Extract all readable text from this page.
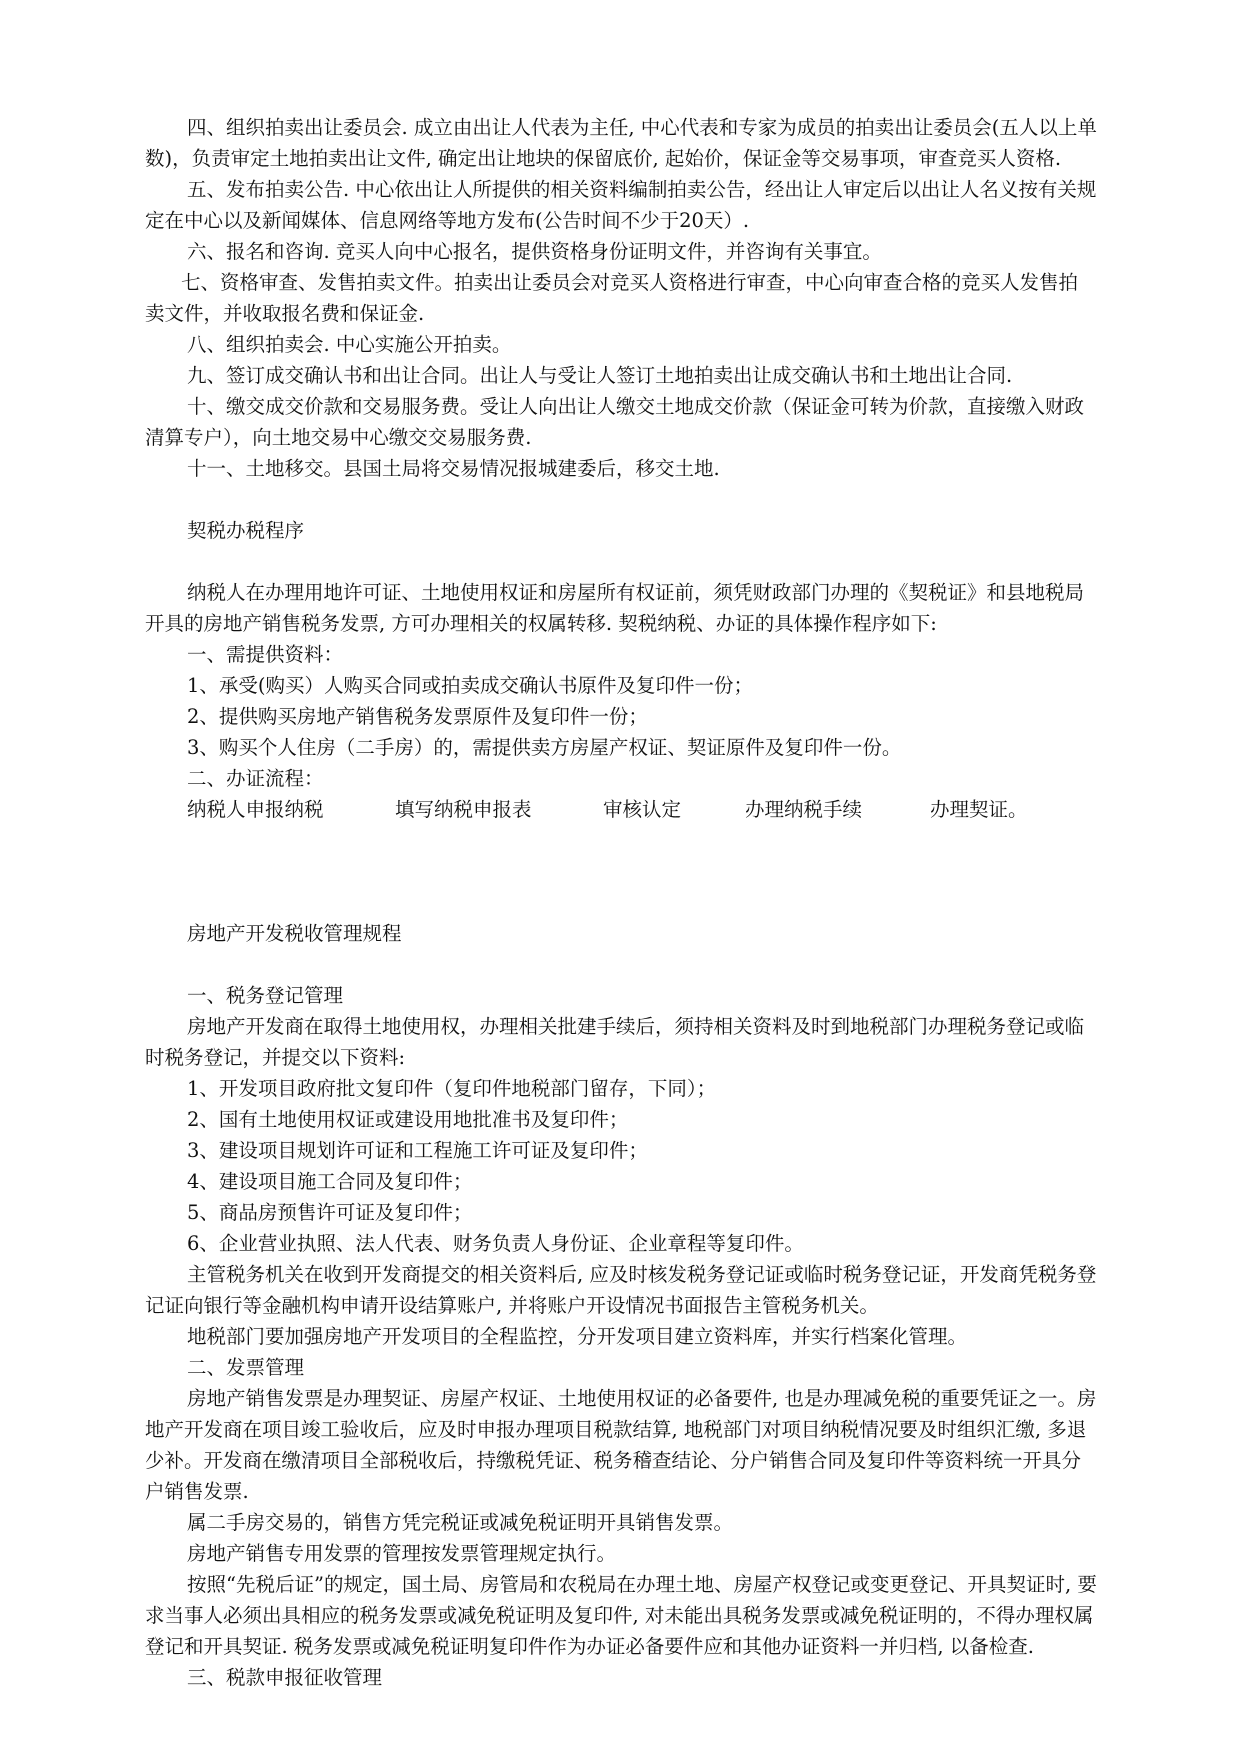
四、组织拍卖出让委员会. 成立由出让人代表为主任, 中心代表和专家为成员的拍卖出让委员会(五人以上单数)，负责审定土地拍卖出让文件, 确定出让地块的保留底价, 起始价，保证金等交易事项，审查竞买人资格.

五、发布拍卖公告. 中心依出让人所提供的相关资料编制拍卖公告，经出让人审定后以出让人名义按有关规定在中心以及新闻媒体、信息网络等地方发布(公告时间不少于20天）.

六、报名和咨询. 竞买人向中心报名，提供资格身份证明文件，并咨询有关事宜。

七、资格审查、发售拍卖文件。拍卖出让委员会对竞买人资格进行审查，中心向审查合格的竞买人发售拍卖文件，并收取报名费和保证金.

八、组织拍卖会. 中心实施公开拍卖。

九、签订成交确认书和出让合同。出让人与受让人签订土地拍卖出让成交确认书和土地出让合同.

十、缴交成交价款和交易服务费。受让人向出让人缴交土地成交价款（保证金可转为价款，直接缴入财政清算专户），向土地交易中心缴交交易服务费.

十一、土地移交。县国土局将交易情况报城建委后，移交土地.

契税办税程序

纳税人在办理用地许可证、土地使用权证和房屋所有权证前，须凭财政部门办理的《契税证》和县地税局开具的房地产销售税务发票, 方可办理相关的权属转移. 契税纳税、办证的具体操作程序如下:

一、需提供资料：

1、承受(购买）人购买合同或拍卖成交确认书原件及复印件一份；

2、提供购买房地产销售税务发票原件及复印件一份；

3、购买个人住房（二手房）的，需提供卖方房屋产权证、契证原件及复印件一份。

二、办证流程：

纳税人申报纳税	填写纳税申报表	审核认定	办理纳税手续	办理契证。

房地产开发税收管理规程

一、税务登记管理

房地产开发商在取得土地使用权，办理相关批建手续后，须持相关资料及时到地税部门办理税务登记或临时税务登记，并提交以下资料:

1、开发项目政府批文复印件（复印件地税部门留存，下同）；

2、国有土地使用权证或建设用地批准书及复印件；

3、建设项目规划许可证和工程施工许可证及复印件；

4、建设项目施工合同及复印件；

5、商品房预售许可证及复印件；

6、企业营业执照、法人代表、财务负责人身份证、企业章程等复印件。

主管税务机关在收到开发商提交的相关资料后, 应及时核发税务登记证或临时税务登记证，开发商凭税务登记证向银行等金融机构申请开设结算账户, 并将账户开设情况书面报告主管税务机关。

地税部门要加强房地产开发项目的全程监控，分开发项目建立资料库，并实行档案化管理。

二、发票管理

房地产销售发票是办理契证、房屋产权证、土地使用权证的必备要件, 也是办理减免税的重要凭证之一。房地产开发商在项目竣工验收后，应及时申报办理项目税款结算, 地税部门对项目纳税情况要及时组织汇缴, 多退少补。开发商在缴清项目全部税收后，持缴税凭证、税务稽查结论、分户销售合同及复印件等资料统一开具分户销售发票.

属二手房交易的，销售方凭完税证或减免税证明开具销售发票。

房地产销售专用发票的管理按发票管理规定执行。

按照“先税后证”的规定，国土局、房管局和农税局在办理土地、房屋产权登记或变更登记、开具契证时, 要求当事人必须出具相应的税务发票或减免税证明及复印件, 对未能出具税务发票或减免税证明的，不得办理权属登记和开具契证. 税务发票或减免税证明复印件作为办证必备要件应和其他办证资料一并归档, 以备检查.

三、税款申报征收管理
